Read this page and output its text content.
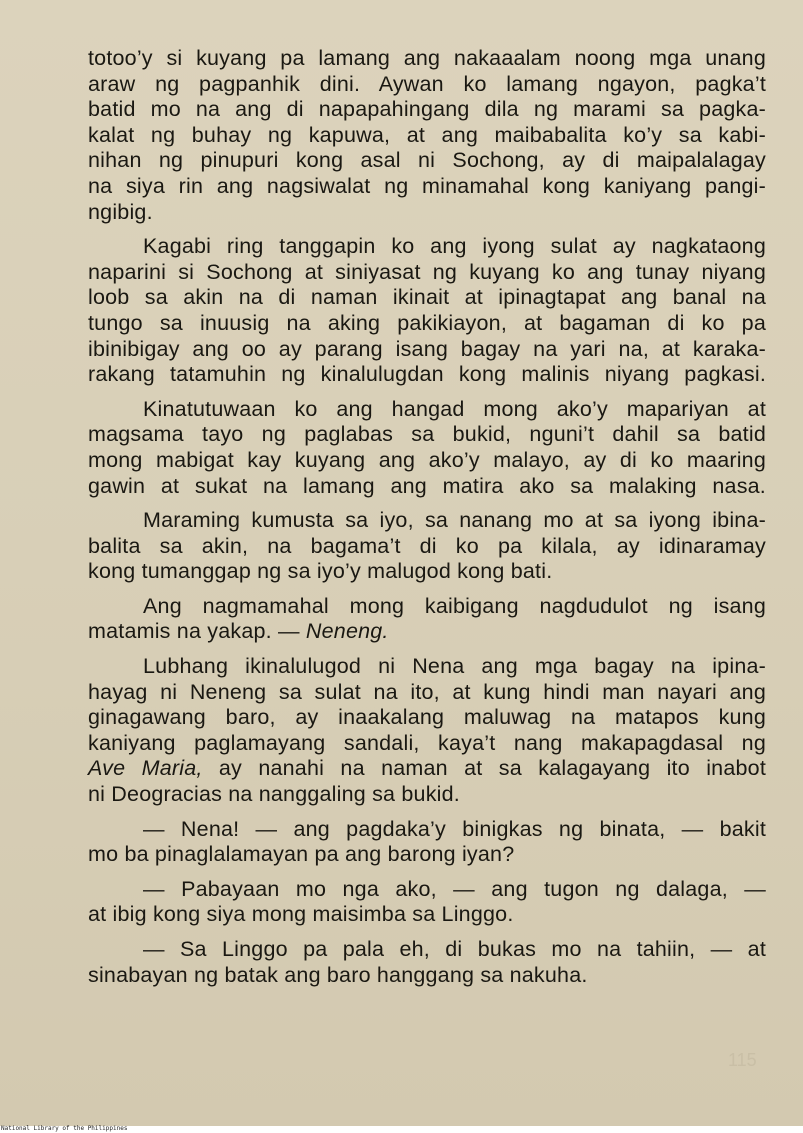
totoo’y si kuyang pa lamang ang nakaaalam noong mga unang
araw ng pagpanhik dini. Aywan ko lamang ngayon, pagka’t
batid mo na ang di napapahingang dila ng marami sa pagka-
kalat ng buhay ng kapuwa, at ang maibabalita ko’y sa kabi-
nihan ng pinupuri kong asal ni Sochong, ay di maipalalagay
na siya rin ang nagsiwalat ng minamahal kong kaniyang pangi-
ngibig.
Kagabi ring tanggapin ko ang iyong sulat ay nagkataong
naparini si Sochong at siniyasat ng kuyang ko ang tunay niyang
loob sa akin na di naman ikinait at ipinagtapat ang banal na
tungo sa inuusig na aking pakikiayon, at bagaman di ko pa
ibinibigay ang oo ay parang isang bagay na yari na, at karaka-
rakang tatamuhin ng kinalulugdan kong malinis niyang pagkasi.
Kinatutuwaan ko ang hangad mong ako’y mapariyan at
magsama tayo ng paglabas sa bukid, nguni’t dahil sa batid
mong mabigat kay kuyang ang ako’y malayo, ay di ko maaring
gawin at sukat na lamang ang matira ako sa malaking nasa.
Maraming kumusta sa iyo, sa nanang mo at sa iyong ibina-
balita sa akin, na bagama’t di ko pa kilala, ay idinaramay
kong tumanggap ng sa iyo’y malugod kong bati.
Ang nagmamahal mong kaibigang nagdudulot ng isang
matamis na yakap. — Neneng.
Lubhang ikinalulugod ni Nena ang mga bagay na ipina-
hayag ni Neneng sa sulat na ito, at kung hindi man nayari ang
ginagawang baro, ay inaakalang maluwag na matapos kung
kaniyang paglamayang sandali, kaya’t nang makapagdasal ng
Ave Maria, ay nanahi na naman at sa kalagayang ito inabot
ni Deogracias na nanggaling sa bukid.
— Nena! — ang pagdaka’y binigkas ng binata, — bakit
mo ba pinaglalamayan pa ang barong iyan?
— Pabayaan mo nga ako, — ang tugon ng dalaga, —
at ibig kong siya mong maisimba sa Linggo.
— Sa Linggo pa pala eh, di bukas mo na tahiin, — at
sinabayan ng batak ang baro hanggang sa nakuha.
115
National Library of the Philippines
